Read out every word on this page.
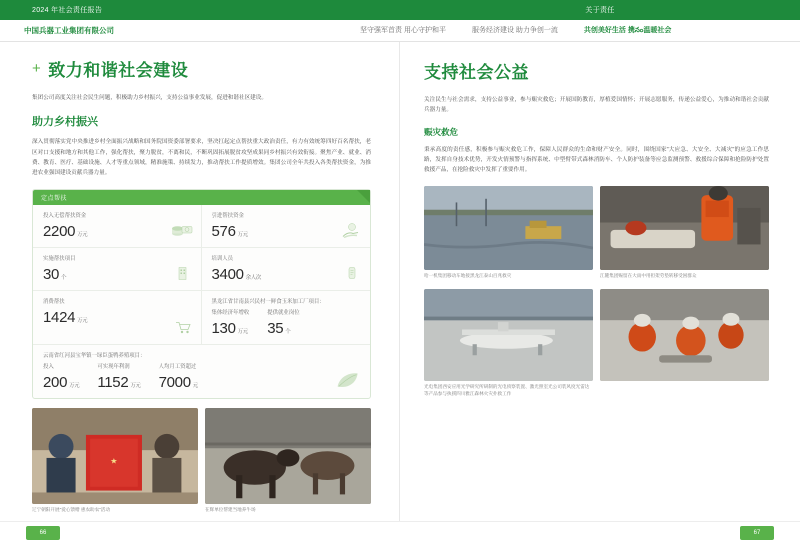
2024 年社会责任报告	关于责任
中国兵器工业集团有限公司	坚守强军首责 用心守护和平	服务经济建设 助力争创一流	共创美好生活 携నం温暖社会
+ 致力和谐社会建设

集团公司高度关注社会民生问题，积极助力乡村振兴，支持公益事业发展，促进和谐社区建设。

助力乡村振兴

深入贯彻落实党中央推进乡村全面振兴战略和国务院国资委部署要求，坚决扛起定点帮扶重大政治责任，有力有效统筹四好百名帮扶，老区对口支援和地方和其他工作，强化帮扶，聚力脱贫，不离和民，不断巩固拓展脱贫攻坚成果同乡村振兴有效衔接。聚焦产业、就业、消费、教育、医疗、基础设施、人才等重点领域，精准施策、持续发力，推动帮扶工作提质增效。集团公司全年共投入各类帮扶资金，为推进农业强国建设贡献兵器力量。

定点帮扶
投入无偿帮扶资金
2200 万元
引进帮扶资金
576 万元
实施帮扶项目
30 个
培训人员
3400 余人次
消费帮扶
1424 万元
黑龙江省甘南县兴民村一鲜食玉米加工厂项目：
集体经济年增收
130 万元
提供就业岗位
35 个
云南省红河县宝华镇一绿臣蛋鸭养殖项目：
投入
200 万元
可实现年利润
1152 万元
人均月工资超过
7000 元
★
辽宁朝阳开展"爱心馈赠 惠农助农"活动	在辉单位帮建当地养牛场
支持社会公益

关注民生与社会需求，支持公益事业，参与赈灾救危；开展国防教育，厚植爱国情怀；开展志愿服务，传递公益爱心，为推动和谐社会贡献兵器力量。

赈灾救危

秉承高度的责任感，积极参与赈灾救危工作，保障人民群众的生命和财产安全。同时，围绕国家"大应急、大安全、大减灾"的应急工作思路，发挥自身技术优势，开发火情预警与指挥系统、中型臂带式森林消防车、个人防护装备等应急监测预警、救援综合保障和抢险防护处置救援产品，在抢险救灾中发挥了重要作用。

哈一机集团移动车地接黑龙江泰山百兆救灾	江麓集团赈留在大雨中用担架劳垫转移受困群众
光电集团西安应用光学研究所研制的光电侦察装置、激光照室光公司装风度光雷达等产品参与执援四川雅江森林火灾扑救工作
66	67
